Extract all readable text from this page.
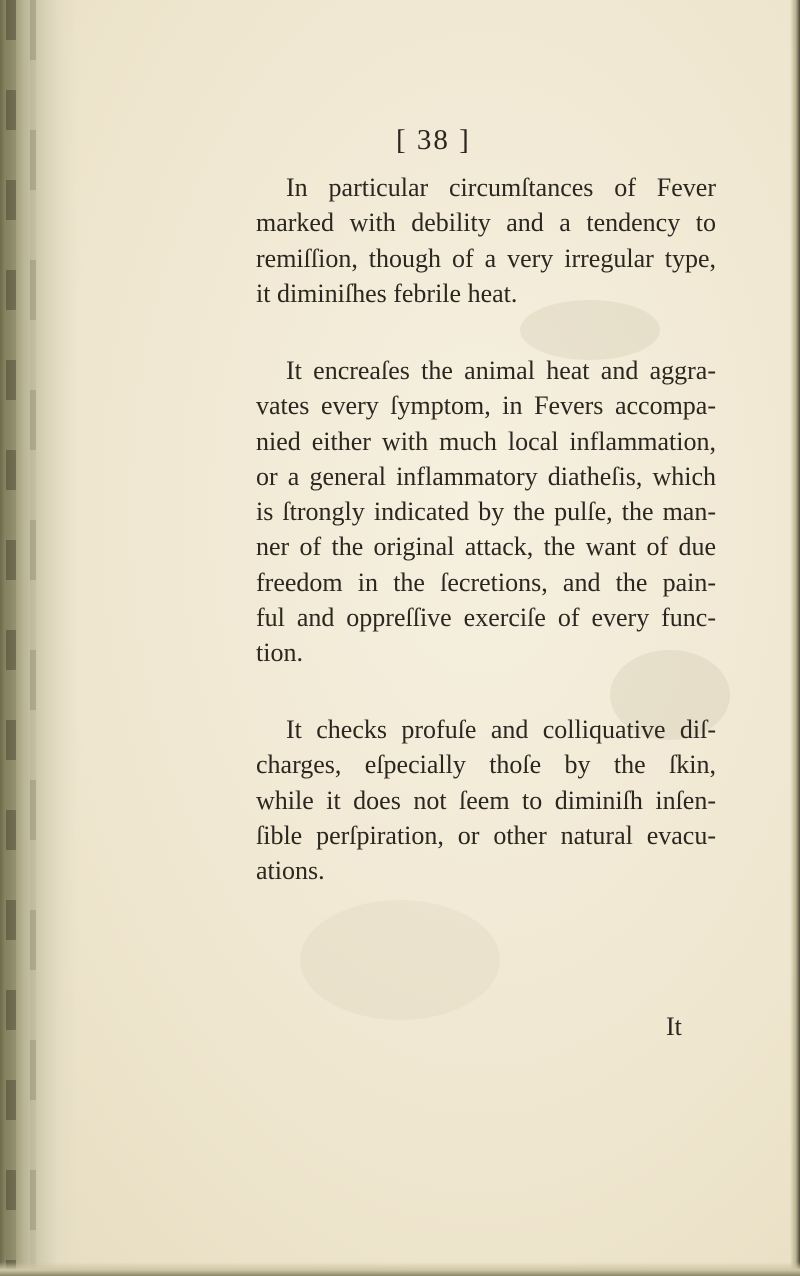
[ 38 ]

In particular circumſtances of Fever
marked with debility and a tendency to
remiſſion, though of a very irregular type,
it diminiſhes febrile heat.

It encreaſes the animal heat and aggra-
vates every ſymptom, in Fevers accompa-
nied either with much local inflammation,
or a general inflammatory diatheſis, which
is ſtrongly indicated by the pulſe, the man-
ner of the original attack, the want of due
freedom in the ſecretions, and the pain-
ful and oppreſſive exerciſe of every func-
tion.

It checks profuſe and colliquative diſ-
charges, eſpecially thoſe by the ſkin,
while it does not ſeem to diminiſh inſen-
ſible perſpiration, or other natural evacu-
ations.

It
